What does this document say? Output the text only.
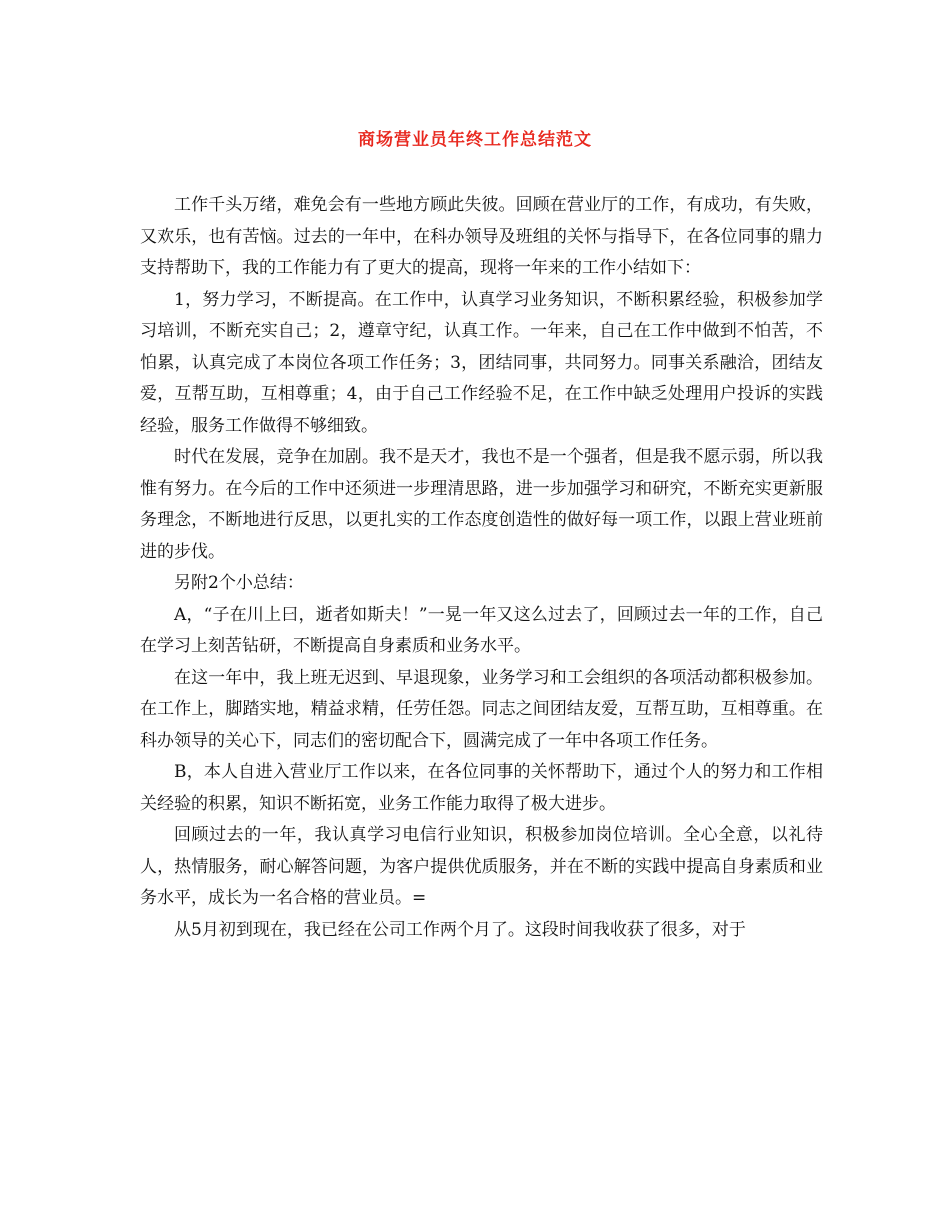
商场营业员年终工作总结范文

工作千头万绪，难免会有一些地方顾此失彼。回顾在营业厅的工作，有成功，有失败，又欢乐，也有苦恼。过去的一年中，在科办领导及班组的关怀与指导下，在各位同事的鼎力支持帮助下，我的工作能力有了更大的提高，现将一年来的工作小结如下：

1，努力学习，不断提高。在工作中，认真学习业务知识，不断积累经验，积极参加学习培训，不断充实自己；2，遵章守纪，认真工作。一年来，自己在工作中做到不怕苦，不怕累，认真完成了本岗位各项工作任务；3，团结同事，共同努力。同事关系融洽，团结友爱，互帮互助，互相尊重；4，由于自己工作经验不足，在工作中缺乏处理用户投诉的实践经验，服务工作做得不够细致。

时代在发展，竞争在加剧。我不是天才，我也不是一个强者，但是我不愿示弱，所以我惟有努力。在今后的工作中还须进一步理清思路，进一步加强学习和研究，不断充实更新服务理念，不断地进行反思，以更扎实的工作态度创造性的做好每一项工作，以跟上营业班前进的步伐。

另附2个小总结：

A，“子在川上曰，逝者如斯夫！”一晃一年又这么过去了，回顾过去一年的工作，自己在学习上刻苦钻研，不断提高自身素质和业务水平。

在这一年中，我上班无迟到、早退现象，业务学习和工会组织的各项活动都积极参加。在工作上，脚踏实地，精益求精，任劳任怨。同志之间团结友爱，互帮互助，互相尊重。在科办领导的关心下，同志们的密切配合下，圆满完成了一年中各项工作任务。

B，本人自进入营业厅工作以来，在各位同事的关怀帮助下，通过个人的努力和工作相关经验的积累，知识不断拓宽，业务工作能力取得了极大进步。

回顾过去的一年，我认真学习电信行业知识，积极参加岗位培训。全心全意，以礼待人，热情服务，耐心解答问题，为客户提供优质服务，并在不断的实践中提高自身素质和业务水平，成长为一名合格的营业员。=

从5月初到现在，我已经在公司工作两个月了。这段时间我收获了很多，对于
